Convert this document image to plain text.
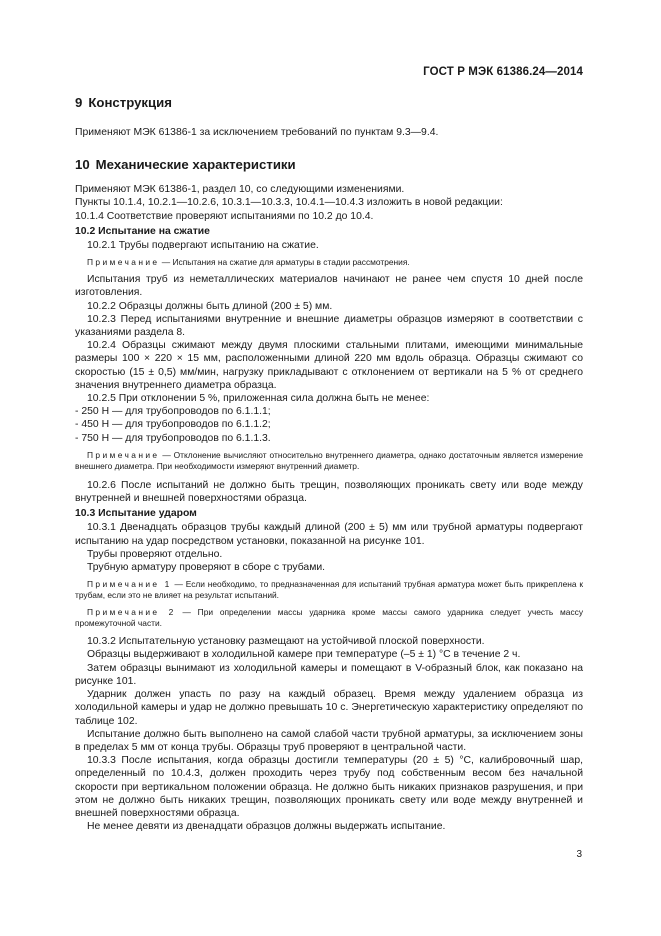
ГОСТ Р МЭК 61386.24—2014
9 Конструкция

Применяют МЭК 61386-1 за исключением требований по пунктам 9.3—9.4.

10 Механические характеристики

Применяют МЭК 61386-1, раздел 10, со следующими изменениями.

Пункты 10.1.4, 10.2.1—10.2.6, 10.3.1—10.3.3, 10.4.1—10.4.3 изложить в новой редакции:

10.1.4 Соответствие проверяют испытаниями по 10.2 до 10.4.

10.2 Испытание на сжатие

10.2.1 Трубы подвергают испытанию на сжатие.

Примечание — Испытания на сжатие для арматуры в стадии рассмотрения.

Испытания труб из неметаллических материалов начинают не ранее чем спустя 10 дней после изготовления.

10.2.2 Образцы должны быть длиной (200 ± 5) мм.

10.2.3 Перед испытаниями внутренние и внешние диаметры образцов измеряют в соответствии с указаниями раздела 8.

10.2.4 Образцы сжимают между двумя плоскими стальными плитами, имеющими минимальные размеры 100 × 220 × 15 мм, расположенными длиной 220 мм вдоль образца. Образцы сжимают со скоростью (15 ± 0,5) мм/мин, нагрузку прикладывают с отклонением от вертикали на 5 % от среднего значения внутреннего диаметра образца.

10.2.5 При отклонении 5 %, приложенная сила должна быть не менее:

- 250 Н — для трубопроводов по 6.1.1.1;

- 450 Н — для трубопроводов по 6.1.1.2;

- 750 Н — для трубопроводов по 6.1.1.3.

Примечание — Отклонение вычисляют относительно внутреннего диаметра, однако достаточным является измерение внешнего диаметра. При необходимости измеряют внутренний диаметр.

10.2.6 После испытаний не должно быть трещин, позволяющих проникать свету или воде между внутренней и внешней поверхностями образца.

10.3 Испытание ударом

10.3.1 Двенадцать образцов трубы каждый длиной (200 ± 5) мм или трубной арматуры подвергают испытанию на удар посредством установки, показанной на рисунке 101.

Трубы проверяют отдельно.

Трубную арматуру проверяют в сборе с трубами.

Примечание 1 — Если необходимо, то предназначенная для испытаний трубная арматура может быть прикреплена к трубам, если это не влияет на результат испытаний.

Примечание 2 — При определении массы ударника кроме массы самого ударника следует учесть массу промежуточной части.

10.3.2 Испытательную установку размещают на устойчивой плоской поверхности.

Образцы выдерживают в холодильной камере при температуре (–5 ± 1) °С в течение 2 ч.

Затем образцы вынимают из холодильной камеры и помещают в V-образный блок, как показано на рисунке 101.

Ударник должен упасть по разу на каждый образец. Время между удалением образца из холодильной камеры и удар не должно превышать 10 с. Энергетическую характеристику определяют по таблице 102.

Испытание должно быть выполнено на самой слабой части трубной арматуры, за исключением зоны в пределах 5 мм от конца трубы. Образцы труб проверяют в центральной части.

10.3.3 После испытания, когда образцы достигли температуры (20 ± 5) °С, калибровочный шар, определенный по 10.4.3, должен проходить через трубу под собственным весом без начальной скорости при вертикальном положении образца. Не должно быть никаких признаков разрушения, и при этом не должно быть никаких трещин, позволяющих проникать свету или воде между внутренней и внешней поверхностями образца.

Не менее девяти из двенадцати образцов должны выдержать испытание.

3
